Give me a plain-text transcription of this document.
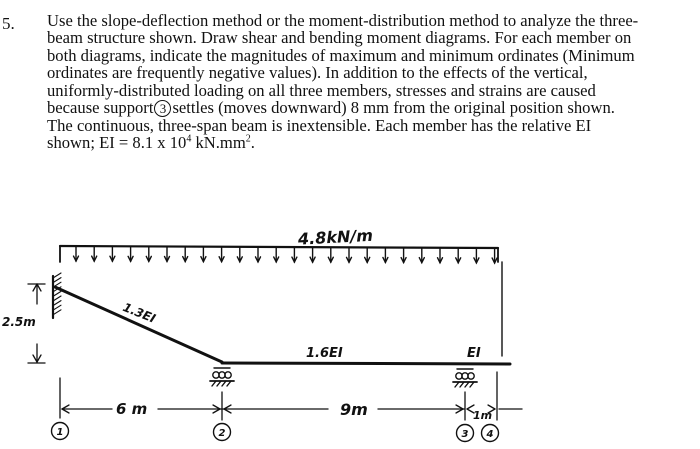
5. Use the slope-deflection method or the moment-distribution method to analyze the three-
beam structure shown. Draw shear and bending moment diagrams. For each member on
both diagrams, indicate the magnitudes of maximum and minimum ordinates (Minimum
ordinates are frequently negative values). In addition to the effects of the vertical,
uniformly-distributed loading on all three members, stresses and strains are caused
because support 3 settles (moves downward) 8 mm from the original position shown.
The continuous, three-span beam is inextensible. Each member has the relative EI
shown; EI = 8.1 x $10^4$ $kN.mm^2$.
4.8kN/m
2.5m	1.3EI
1.6EI	EI
6 m	9m	1m
1	2	3 4
